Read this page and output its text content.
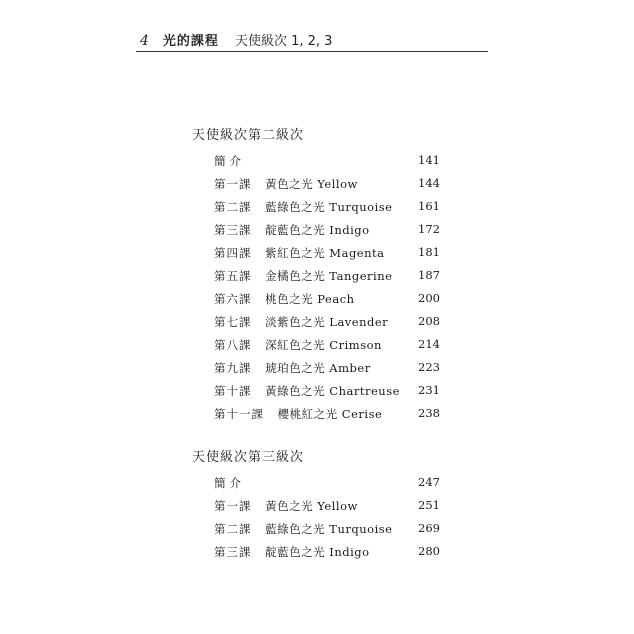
4 光的課程 天使級次 1, 2, 3
天使級次第二級次
簡介	141
第一課 黃色之光 Yellow	144
第二課 藍綠色之光 Turquoise 161
第三課 靛藍色之光 Indigo	172
第四課 紫紅色之光 Magenta	181
第五課 金橘色之光 Tangerine 187
第六課 桃色之光 Peach	200
第七課 淡紫色之光 Lavender	208
第八課 深紅色之光 Crimson	214
第九課 琥珀色之光 Amber	223
第十課 黃綠色之光 Chartreuse 231
第十一課 櫻桃紅之光 Cerise	238
天使級次第三級次
簡介	247
第一課 黃色之光 Yellow	251
第二課 藍綠色之光 Turquoise 269
第三課 靛藍色之光 Indigo	280
